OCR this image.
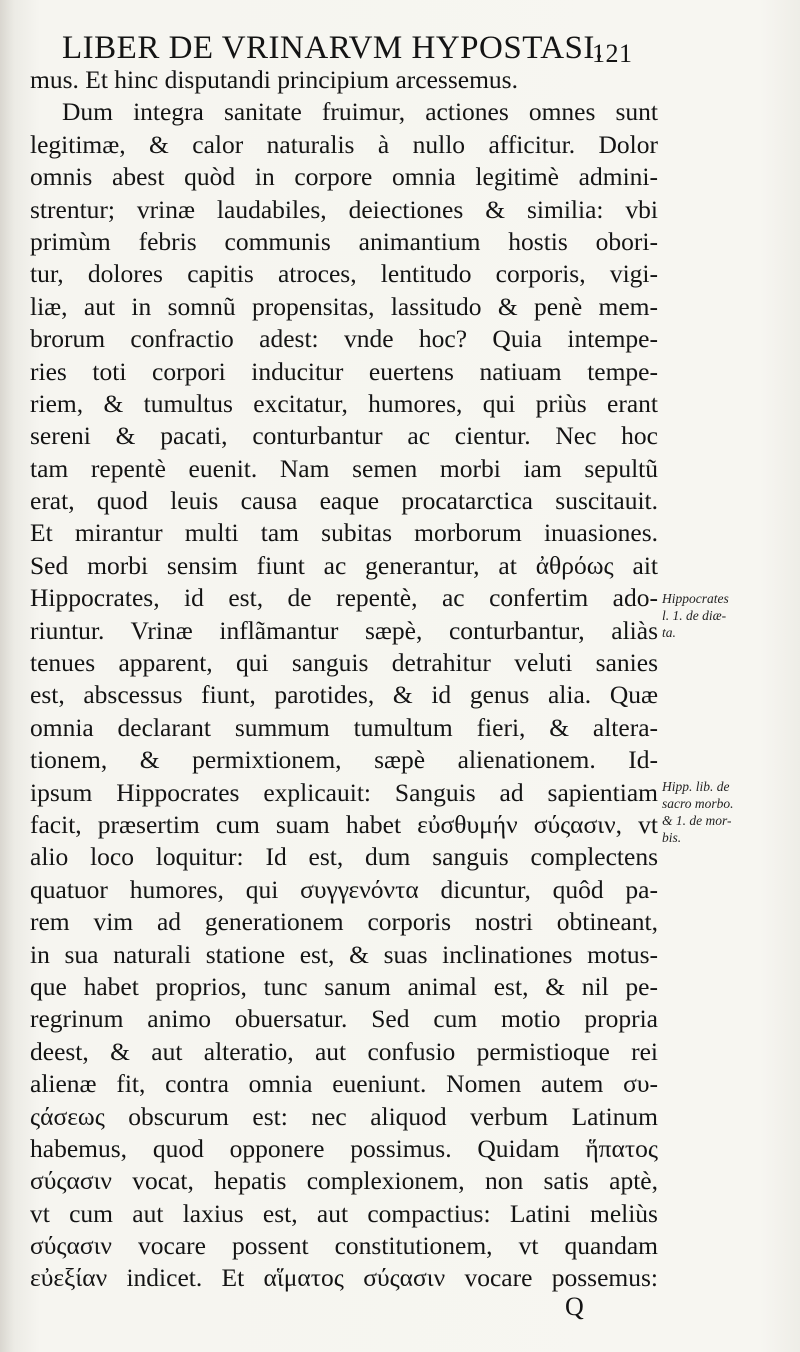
LIBER DE VRINARVM HYPOSTASI.
121
mus. Et hinc disputandi principium arcessemus.
Dum integra sanitate fruimur, actiones omnes sunt
legitimæ, & calor naturalis à nullo afficitur. Dolor
omnis abest quòd in corpore omnia legitimè admini-
strentur; vrinæ laudabiles, deiectiones & similia: vbi
primùm febris communis animantium hostis obori-
tur, dolores capitis atroces, lentitudo corporis, vigi-
liæ, aut in somnũ propensitas, lassitudo & penè mem-
brorum confractio adest: vnde hoc? Quia intempe-
ries toti corpori inducitur euertens natiuam tempe-
riem, & tumultus excitatur, humores, qui priùs erant
sereni & pacati, conturbantur ac cientur. Nec hoc
tam repentè euenit. Nam semen morbi iam sepultũ
erat, quod leuis causa eaque procatarctica suscitauit.
Et mirantur multi tam subitas morborum inuasiones.
Sed morbi sensim fiunt ac generantur, at ἀθρόως ait
Hippocrates, id est, de repentè, ac confertim ado-
riuntur. Vrinæ inflãmantur sæpè, conturbantur, aliàs
tenues apparent, qui sanguis detrahitur veluti sanies
est, abscessus fiunt, parotides, & id genus alia. Quæ
omnia declarant summum tumultum fieri, & altera-
tionem, & permixtionem, sæpè alienationem. Id-
ipsum Hippocrates explicauit: Sanguis ad sapientiam
facit, præsertim cum suam habet εὐσθυμήν σύςασιν, vt
alio loco loquitur: Id est, dum sanguis complectens
quatuor humores, qui συγγενόντα dicuntur, quôd pa-
rem vim ad generationem corporis nostri obtineant,
in sua naturali statione est, & suas inclinationes motus-
que habet proprios, tunc sanum animal est, & nil pe-
regrinum animo obuersatur. Sed cum motio propria
deest, & aut alteratio, aut confusio permistioque rei
alienæ fit, contra omnia eueniunt. Nomen autem συ-
ςάσεως obscurum est: nec aliquod verbum Latinum
habemus, quod opponere possimus. Quidam ἥπατος
σύςασιν vocat, hepatis complexionem, non satis aptè,
vt cum aut laxius est, aut compactius: Latini meliùs
σύςασιν vocare possent constitutionem, vt quandam
εὐεξίαν indicet. Et αἵματος σύςασιν vocare possemus:
Hippocrates
l. 1. de diæ-
ta.
Hipp. lib. de
sacro morbo.
& 1. de mor-
bis.
Q
